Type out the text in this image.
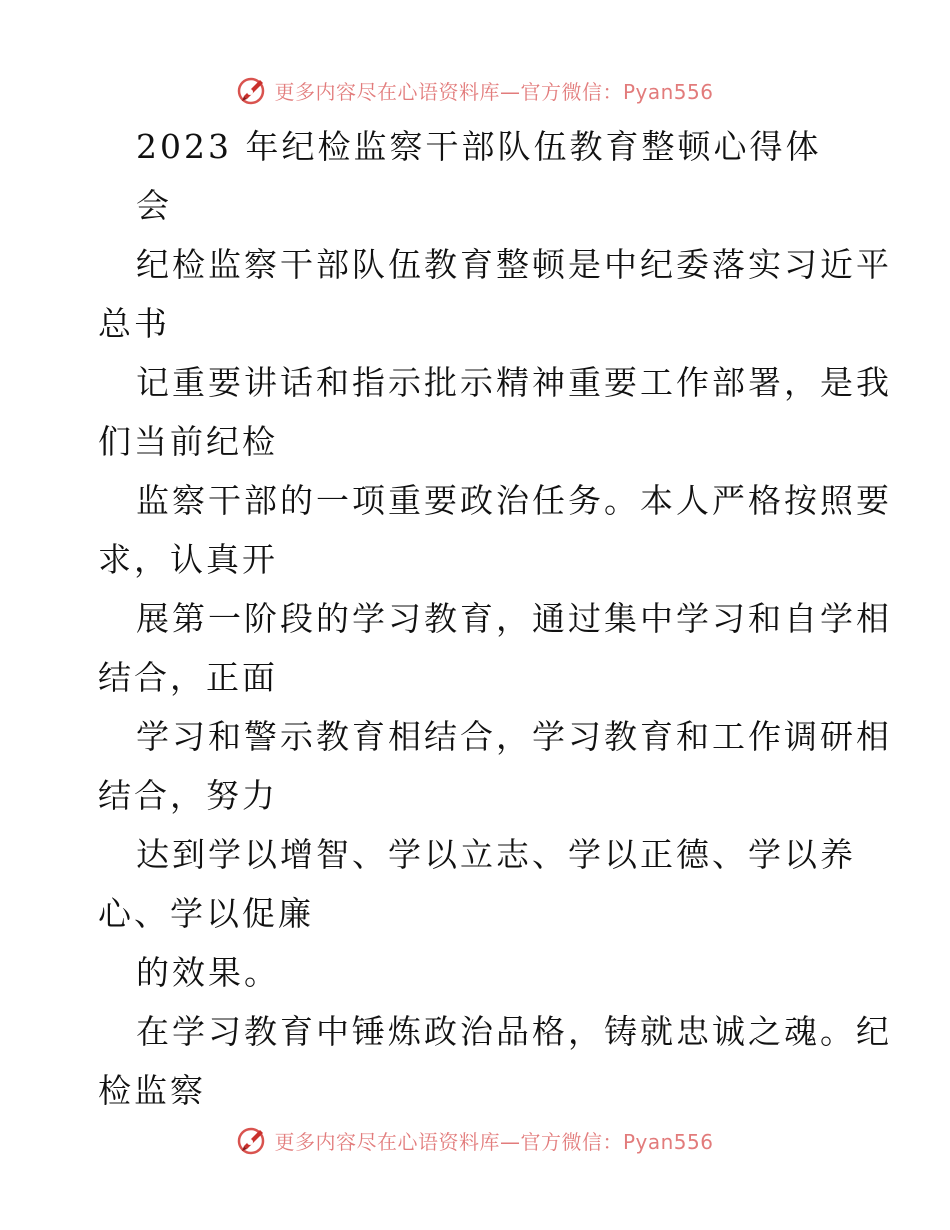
更多内容尽在心语资料库—官方微信：Pyan556
2023 年纪检监察干部队伍教育整顿心得体
会
纪检监察干部队伍教育整顿是中纪委落实习近平
总书
记重要讲话和指示批示精神重要工作部署，是我
们当前纪检
监察干部的一项重要政治任务。本人严格按照要
求，认真开
展第一阶段的学习教育，通过集中学习和自学相
结合，正面
学习和警示教育相结合，学习教育和工作调研相
结合，努力
达到学以增智、学以立志、学以正德、学以养
心、学以促廉
的效果。
在学习教育中锤炼政治品格，铸就忠诚之魂。纪
检监察
更多内容尽在心语资料库—官方微信：Pyan556
